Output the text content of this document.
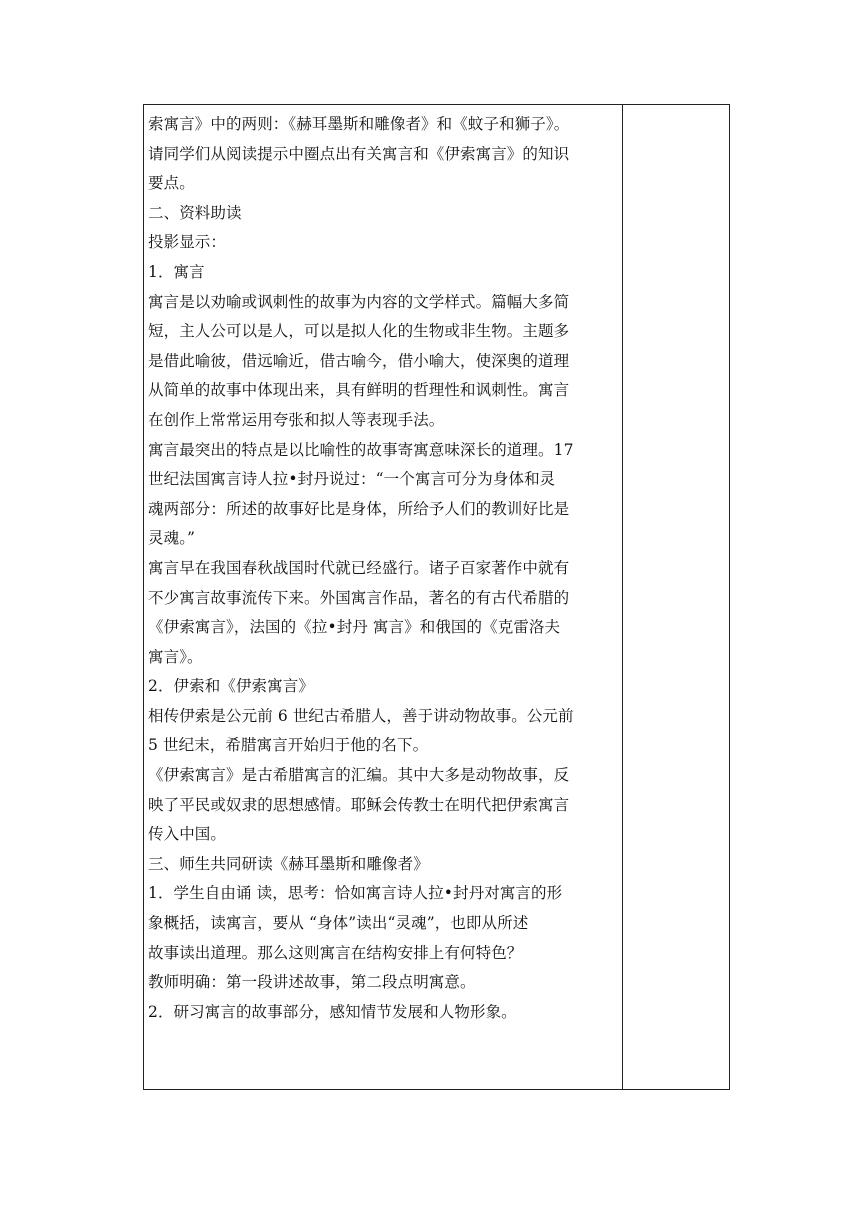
索寓言》中的两则：《赫耳墨斯和雕像者》和《蚊子和狮子》。
请同学们从阅读提示中圈点出有关寓言和《伊索寓言》的知识
要点。
二、资料助读
投影显示：
1．寓言
寓言是以劝喻或讽刺性的故事为内容的文学样式。篇幅大多简
短，主人公可以是人，可以是拟人化的生物或非生物。主题多
是借此喻彼，借远喻近，借古喻今，借小喻大，使深奥的道理
从简单的故事中体现出来，具有鲜明的哲理性和讽刺性。寓言
在创作上常常运用夸张和拟人等表现手法。
寓言最突出的特点是以比喻性的故事寄寓意味深长的道理。17
世纪法国寓言诗人拉•封丹说过：“一个寓言可分为身体和灵
魂两部分：所述的故事好比是身体，所给予人们的教训好比是
灵魂。”
寓言早在我国春秋战国时代就已经盛行。诸子百家著作中就有
不少寓言故事流传下来。外国寓言作品，著名的有古代希腊的
《伊索寓言》，法国的《拉•封丹 寓言》和俄国的《克雷洛夫
寓言》。
2．伊索和《伊索寓言》
相传伊索是公元前 6 世纪古希腊人，善于讲动物故事。公元前
5 世纪末，希腊寓言开始归于他的名下。
《伊索寓言》是古希腊寓言的汇编。其中大多是动物故事，反
映了平民或奴隶的思想感情。耶稣会传教士在明代把伊索寓言
传入中国。
三、师生共同研读《赫耳墨斯和雕像者》
1．学生自由诵 读，思考：恰如寓言诗人拉•封丹对寓言的形
象概括，读寓言，要从 “身体”读出“灵魂”，也即从所述
故事读出道理。那么这则寓言在结构安排上有何特色？
教师明确：第一段讲述故事，第二段点明寓意。
2．研习寓言的故事部分，感知情节发展和人物形象。
